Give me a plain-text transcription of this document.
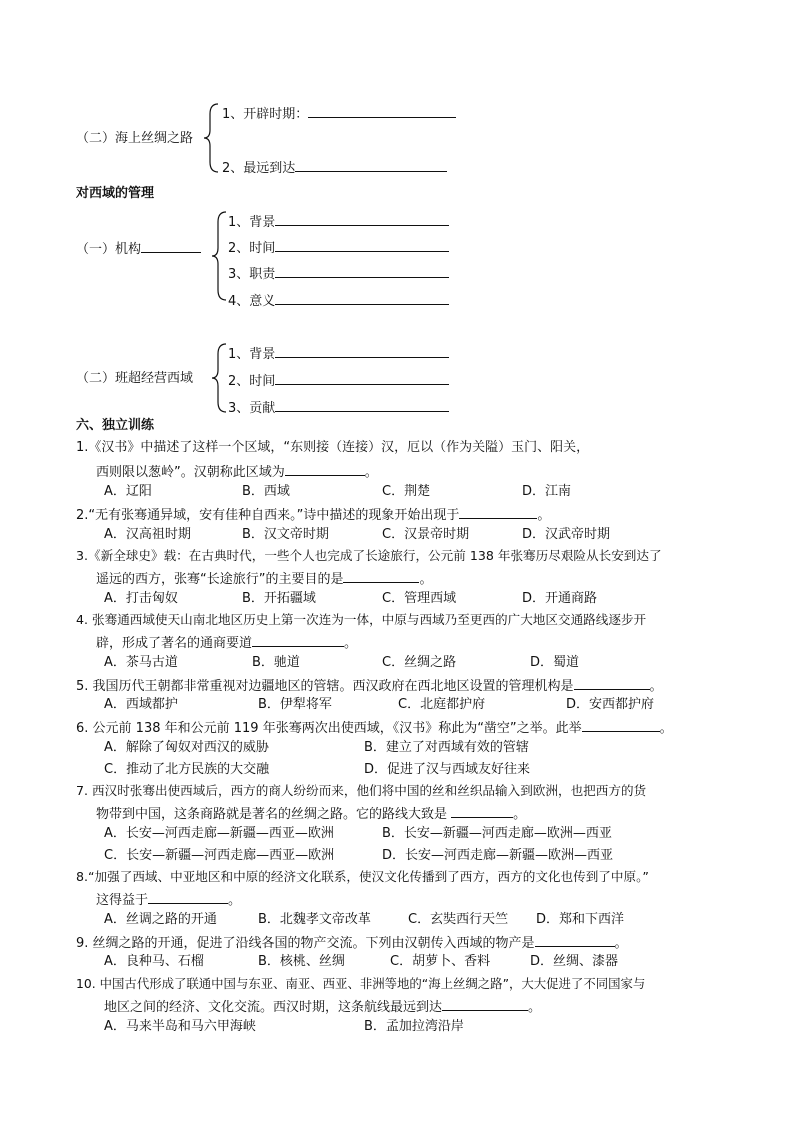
（二）海上丝绸之路
1、开辟时期：
2、最远到达
对西域的管理
（一）机构
1、背景
2、时间
3、职责
4、意义
（二）班超经营西域
1、背景
2、时间
3、贡献
六、独立训练
1.《汉书》中描述了这样一个区域，“东则接（连接）汉，厄以（作为关隘）玉门、阳关，
西则限以葱岭”。汉朝称此区域为	。
A．辽阳	B．西域	C．荆楚	D．江南
2.“无有张骞通异域，安有佳种自西来。”诗中描述的现象开始出现于	。
A．汉高祖时期	B．汉文帝时期	C．汉景帝时期	D．汉武帝时期
3.《新全球史》载：在古典时代，一些个人也完成了长途旅行，公元前 138 年张骞历尽艰险从长安到达了
遥远的西方，张骞“长途旅行”的主要目的是	。
A．打击匈奴	B．开拓疆域	C．管理西域	D．开通商路
4. 张骞通西域使天山南北地区历史上第一次连为一体，中原与西域乃至更西的广大地区交通路线逐步开
辟，形成了著名的通商要道	。
A．茶马古道	B．驰道	C．丝绸之路	D．蜀道
5. 我国历代王朝都非常重视对边疆地区的管辖。西汉政府在西北地区设置的管理机构是	。
A．西域都护	B．伊犁将军	C．北庭都护府	D．安西都护府
6. 公元前 138 年和公元前 119 年张骞两次出使西域，《汉书》称此为“凿空”之举。此举	。
A．解除了匈奴对西汉的威胁	B．建立了对西域有效的管辖
C．推动了北方民族的大交融	D．促进了汉与西域友好往来
7. 西汉时张骞出使西域后，西方的商人纷纷而来，他们将中国的丝和丝织品输入到欧洲，也把西方的货
物带到中国，这条商路就是著名的丝绸之路。它的路线大致是	。
A．长安—河西走廊—新疆—西亚—欧洲	B．长安—新疆—河西走廊—欧洲—西亚
C．长安—新疆—河西走廊—西亚—欧洲	D．长安—河西走廊—新疆—欧洲—西亚
8.“加强了西域、中亚地区和中原的经济文化联系，使汉文化传播到了西方，西方的文化也传到了中原。”
这得益于	。
A．丝调之路的开通	B．北魏孝文帝改革	C．玄奘西行天竺 D．郑和下西洋
9. 丝绸之路的开通，促进了沿线各国的物产交流。下列由汉朝传入西域的物产是	。
A．良种马、石榴	B．核桃、丝绸	C．胡萝卜、香料	D．丝绸、漆器
10. 中国古代形成了联通中国与东亚、南亚、西亚、非洲等地的“海上丝绸之路”，大大促进了不同国家与
地区之间的经济、文化交流。西汉时期，这条航线最远到达	。
A．马来半岛和马六甲海峡	B．孟加拉湾沿岸
